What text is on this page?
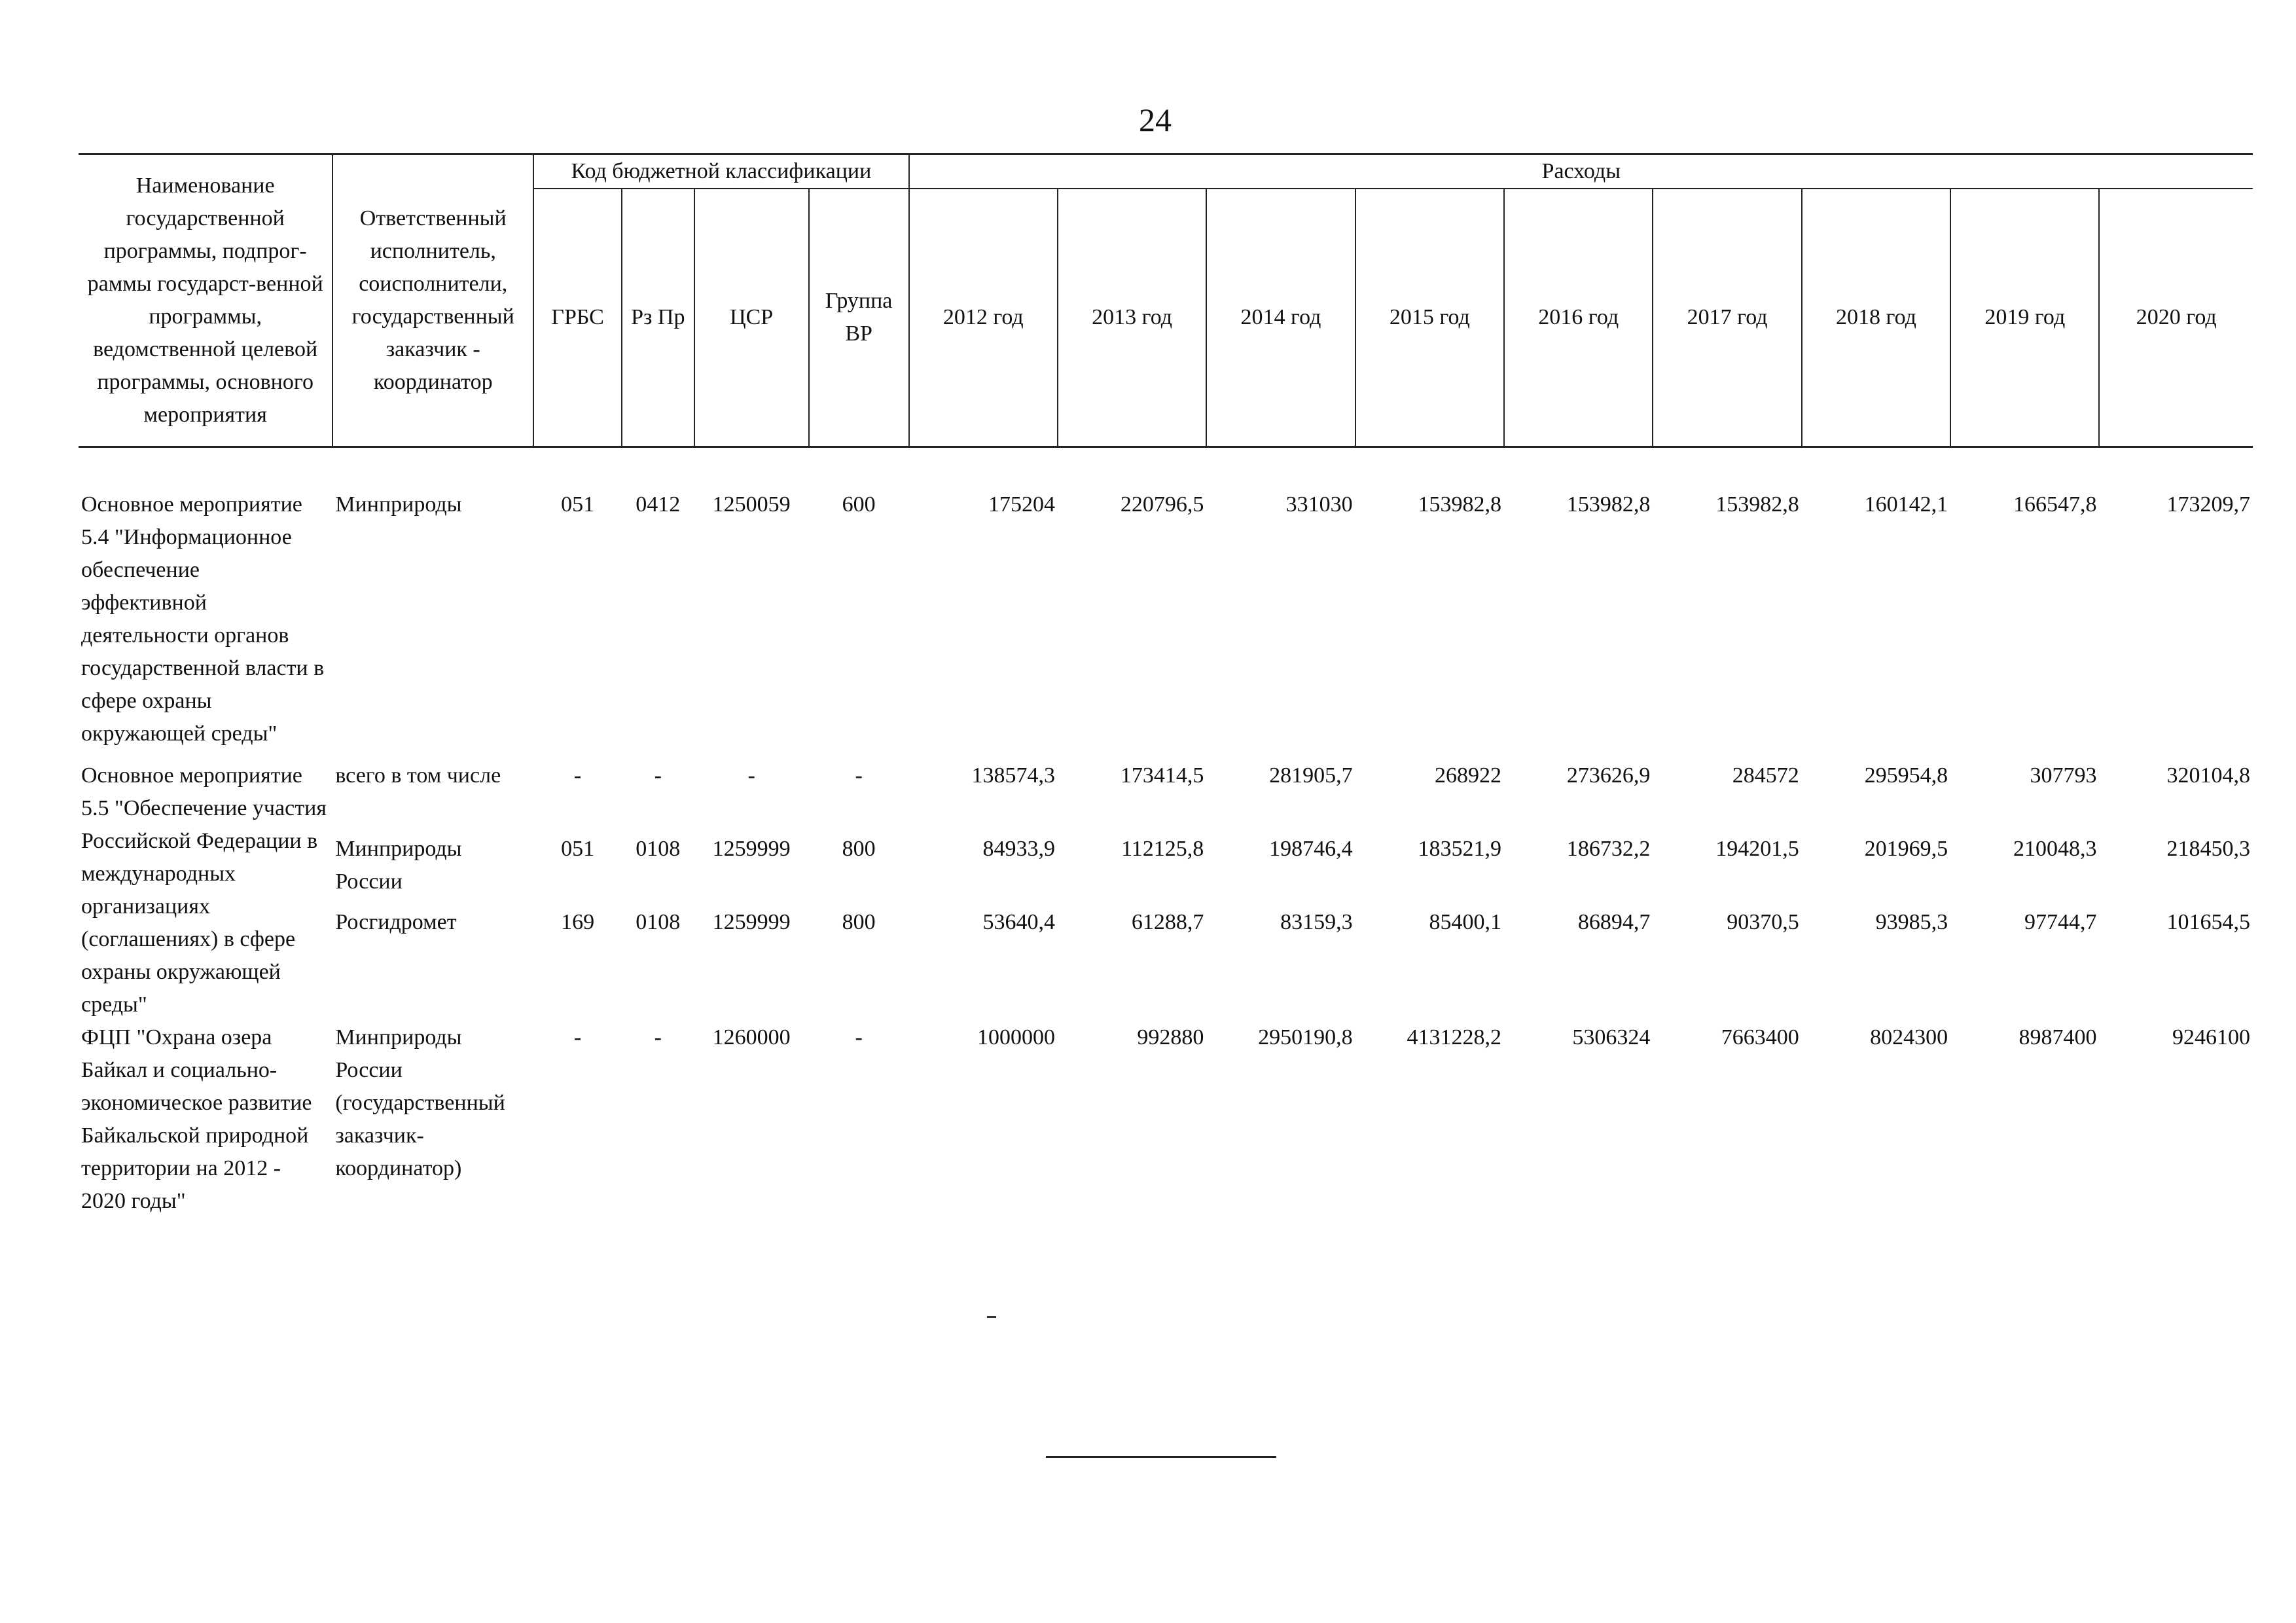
24
Наименование государственной программы, подпрог-раммы государст-венной программы, ведомственной целевой программы, основного мероприятия	Ответственный исполнитель, соисполнители, государственный заказчик - координатор	Код бюджетной классификации				Расходы								
		ГРБС	Рз Пр	ЦСР	Группа ВР	2012 год	2013 год	2014 год	2015 год	2016 год	2017 год	2018 год	2019 год	2020 год

Основное мероприятие 5.4 "Информационное обеспечение эффективной деятельности органов государственной власти в сфере охраны окружающей среды"	Минприроды	051	0412	1250059	600	175204	220796,5	331030	153982,8	153982,8	153982,8	160142,1	166547,8	173209,7
Основное мероприятие 5.5 "Обеспечение участия Российской Федерации в международных организациях (соглашениях) в сфере охраны окружающей среды"	всего в том числе	-	-	-	-	138574,3	173414,5	281905,7	268922	273626,9	284572	295954,8	307793	320104,8
	Минприроды России	051	0108	1259999	800	84933,9	112125,8	198746,4	183521,9	186732,2	194201,5	201969,5	210048,3	218450,3
	Росгидромет	169	0108	1259999	800	53640,4	61288,7	83159,3	85400,1	86894,7	90370,5	93985,3	97744,7	101654,5
ФЦП "Охрана озера Байкал и социально-экономическое развитие Байкальской природной территории на 2012 - 2020 годы"	Минприроды России (государственный заказчик-координатор)	-	-	1260000	-	1000000	992880	2950190,8	4131228,2	5306324	7663400	8024300	8987400	9246100
